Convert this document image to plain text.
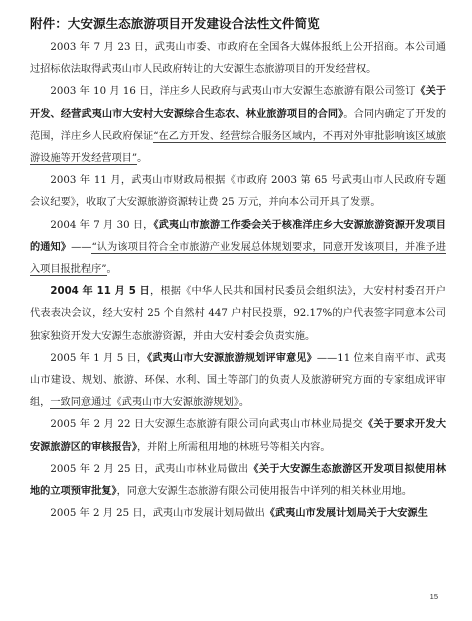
附件：大安源生态旅游项目开发建设合法性文件简览

2003 年 7 月 23 日，武夷山市委、市政府在全国各大媒体报纸上公开招商。本公司通过招标依法取得武夷山市人民政府转让的大安源生态旅游项目的开发经营权。

2003 年 10 月 16 日，洋庄乡人民政府与武夷山市大安源生态旅游有限公司签订《关于开发、经营武夷山市大安村大安源综合生态农、林业旅游项目的合同》。合同内确定了开发的范围，洋庄乡人民政府保证“在乙方开发、经营综合服务区域内，不再对外审批影响该区域旅游设施等开发经营项目”。

2003 年 11 月，武夷山市财政局根据《市政府 2003 第 65 号武夷山市人民政府专题会议纪要》，收取了大安源旅游资源转让费 25 万元，并向本公司开具了发票。

2004 年 7 月 30 日，《武夷山市旅游工作委会关于核准洋庄乡大安源旅游资源开发项目的通知》——“认为该项目符合全市旅游产业发展总体规划要求，同意开发该项目，并准予进入项目报批程序”。

2004 年 11 月 5 日，根据《中华人民共和国村民委员会组织法》，大安村村委召开户代表表决会议，经大安村 25 个自然村 447 户村民投票，92.17%的户代表签字同意本公司独家独资开发大安源生态旅游资源，并由大安村委会负责实施。

2005 年 1 月 5 日，《武夷山市大安源旅游规划评审意见》——11 位来自南平市、武夷山市建设、规划、旅游、环保、水利、国土等部门的负责人及旅游研究方面的专家组成评审组，一致同意通过《武夷山市大安源旅游规划》。

2005 年 2 月 22 日大安源生态旅游有限公司向武夷山市林业局提交《关于要求开发大安源旅游区的审核报告》，并附上所需租用地的林班号等相关内容。

2005 年 2 月 25 日，武夷山市林业局做出《关于大安源生态旅游区开发项目拟使用林地的立项预审批复》，同意大安源生态旅游有限公司使用报告中详列的相关林业用地。

2005 年 2 月 25 日，武夷山市发展计划局做出《武夷山市发展计划局关于大安源生

15
